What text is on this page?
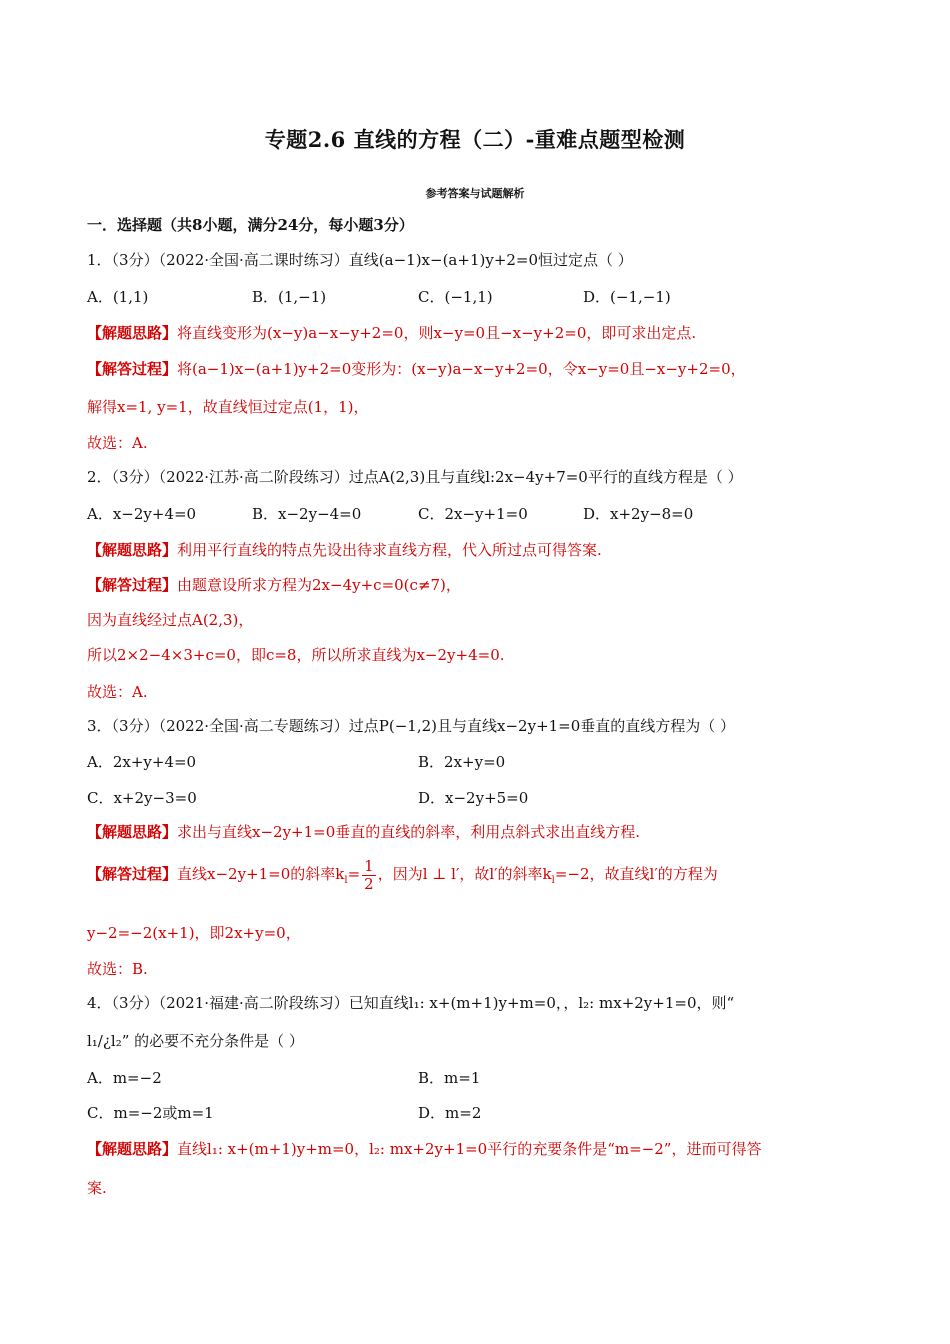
专题2.6 直线的方程（二）-重难点题型检测
参考答案与试题解析
一．选择题（共8小题，满分24分，每小题3分）
1．（3分）（2022·全国·高二课时练习）直线(a−1)x−(a+1)y+2=0恒过定点（ ）
A．(1,1)	B．(1,−1)	C．(−1,1)	D．(−1,−1)
【解题思路】将直线变形为(x−y)a−x−y+2=0，则x−y=0且−x−y+2=0，即可求出定点.
【解答过程】将(a−1)x−(a+1)y+2=0变形为：(x−y)a−x−y+2=0，令x−y=0且−x−y+2=0，
解得x=1, y=1，故直线恒过定点(1，1)，
故选：A.
2．（3分）（2022·江苏·高二阶段练习）过点A(2,3)且与直线l:2x−4y+7=0平行的直线方程是（ ）
A．x−2y+4=0	B．x−2y−4=0	C．2x−y+1=0	D．x+2y−8=0
【解题思路】利用平行直线的特点先设出待求直线方程，代入所过点可得答案.
【解答过程】由题意设所求方程为2x−4y+c=0(c≠7)，
因为直线经过点A(2,3)，
所以2×2−4×3+c=0，即c=8，所以所求直线为x−2y+4=0.
故选：A.
3．（3分）（2022·全国·高二专题练习）过点P(−1,2)且与直线x−2y+1=0垂直的直线方程为（ ）
A．2x+y+4=0	B．2x+y=0
C．x+2y−3=0	D．x−2y+5=0
【解题思路】求出与直线x−2y+1=0垂直的直线的斜率，利用点斜式求出直线方程.
【解答过程】直线x−2y+1=0的斜率$k_l= \frac{1}{2}$ ，因为l ⊥ l′，故l′的斜率$k_l=-2$，故直线l′的方程为
y−2=−2(x+1)，即2x+y=0，
故选：B.
4．（3分）（2021·福建·高二阶段练习）已知直线l₁: x+(m+1)y+m=0，，l₂: mx+2y+1=0，则“
l₁/¿l₂” 的必要不充分条件是（ ）
A．m=−2	B．m=1
C．m=−2或m=1	D．m=2
【解题思路】直线l₁: x+(m+1)y+m=0，l₂: mx+2y+1=0平行的充要条件是“m=−2”，进而可得答
案.
